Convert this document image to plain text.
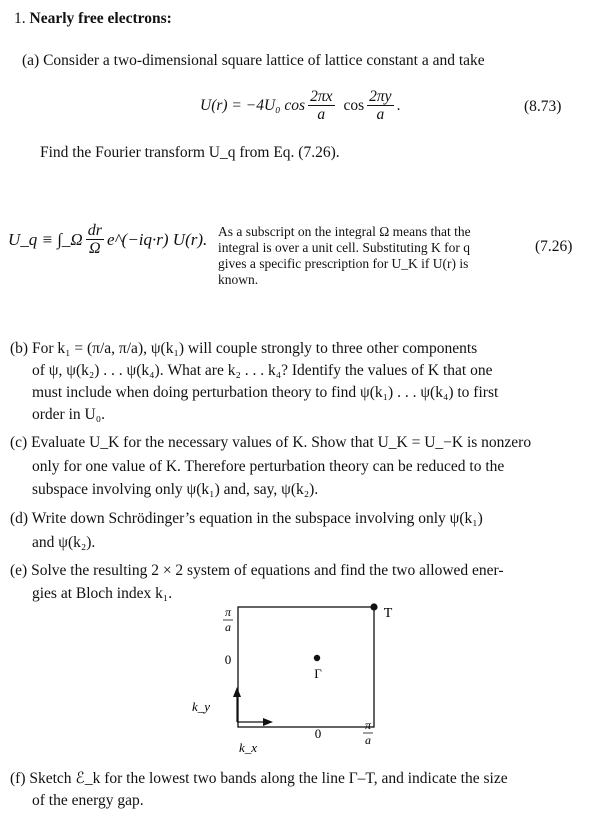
1. Nearly free electrons:
(a) Consider a two-dimensional square lattice of lattice constant a and take
U(r) = −4U₀ $\cos \frac{2\pi x}{a}$ $\cos \frac{2\pi y}{a}$ .	(8.73)
Find the Fourier transform U_q from Eq. (7.26).
U_q ≡ ∫_Ω $\frac{dr}{\Omega}$ e^(−iq·r) U(r). As a subscript on the integral Ω means that the integral is over a unit cell. Substituting K for q gives a specific prescription for U_K if U(r) is known.
(7.26)
(b) For k₁ = (π/a, π/a), ψ(k₁) will couple strongly to three other components
of ψ, ψ(k₂) . . . ψ(k₄). What are k₂ . . . k₄? Identify the values of K that one
must include when doing perturbation theory to find ψ(k₁) . . . ψ(k₄) to first
order in U₀.
(c) Evaluate U_K for the necessary values of K. Show that U_K = U_−K is nonzero
only for one value of K. Therefore perturbation theory can be reduced to the
subspace involving only ψ(k₁) and, say, ψ(k₂).
(d) Write down Schrödinger’s equation in the subspace involving only ψ(k₁)
and ψ(k₂).
(e) Solve the resulting 2 × 2 system of equations and find the two allowed ener-
gies at Bloch index k₁.
π
a
0
T
Γ
k_y
0
π
a
k_x
(f) Sketch ℰ_k for the lowest two bands along the line Γ–T, and indicate the size
of the energy gap.
